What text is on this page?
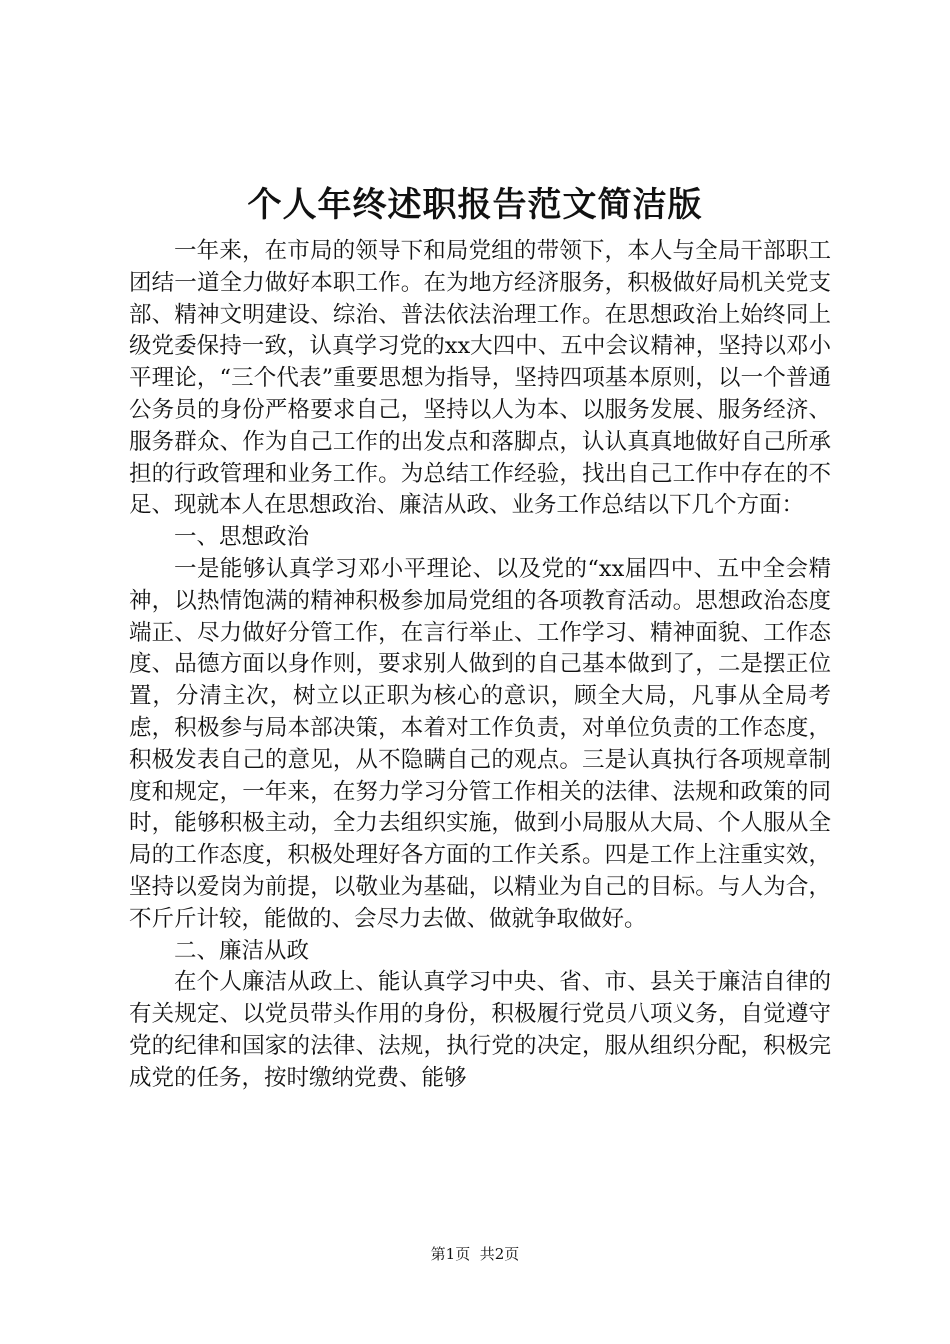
个人年终述职报告范文简洁版

一年来，在市局的领导下和局党组的带领下，本人与全局干部职工团结一道全力做好本职工作。在为地方经济服务，积极做好局机关党支部、精神文明建设、综治、普法依法治理工作。在思想政治上始终同上级党委保持一致，认真学习党的xx大四中、五中会议精神，坚持以邓小平理论，“三个代表”重要思想为指导，坚持四项基本原则，以一个普通公务员的身份严格要求自己，坚持以人为本、以服务发展、服务经济、服务群众、作为自己工作的出发点和落脚点，认认真真地做好自己所承担的行政管理和业务工作。为总结工作经验，找出自己工作中存在的不足、现就本人在思想政治、廉洁从政、业务工作总结以下几个方面：

一、思想政治

一是能够认真学习邓小平理论、以及党的“xx届四中、五中全会精神，以热情饱满的精神积极参加局党组的各项教育活动。思想政治态度端正、尽力做好分管工作，在言行举止、工作学习、精神面貌、工作态度、品德方面以身作则，要求别人做到的自己基本做到了，二是摆正位置，分清主次，树立以正职为核心的意识，顾全大局，凡事从全局考虑，积极参与局本部决策，本着对工作负责，对单位负责的工作态度，积极发表自己的意见，从不隐瞒自己的观点。三是认真执行各项规章制度和规定，一年来，在努力学习分管工作相关的法律、法规和政策的同时，能够积极主动，全力去组织实施，做到小局服从大局、个人服从全局的工作态度，积极处理好各方面的工作关系。四是工作上注重实效，坚持以爱岗为前提，以敬业为基础，以精业为自己的目标。与人为合，不斤斤计较，能做的、会尽力去做、做就争取做好。

二、廉洁从政

在个人廉洁从政上、能认真学习中央、省、市、县关于廉洁自律的有关规定、以党员带头作用的身份，积极履行党员八项义务，自觉遵守党的纪律和国家的法律、法规，执行党的决定，服从组织分配，积极完成党的任务，按时缴纳党费、能够

第1页 共2页
